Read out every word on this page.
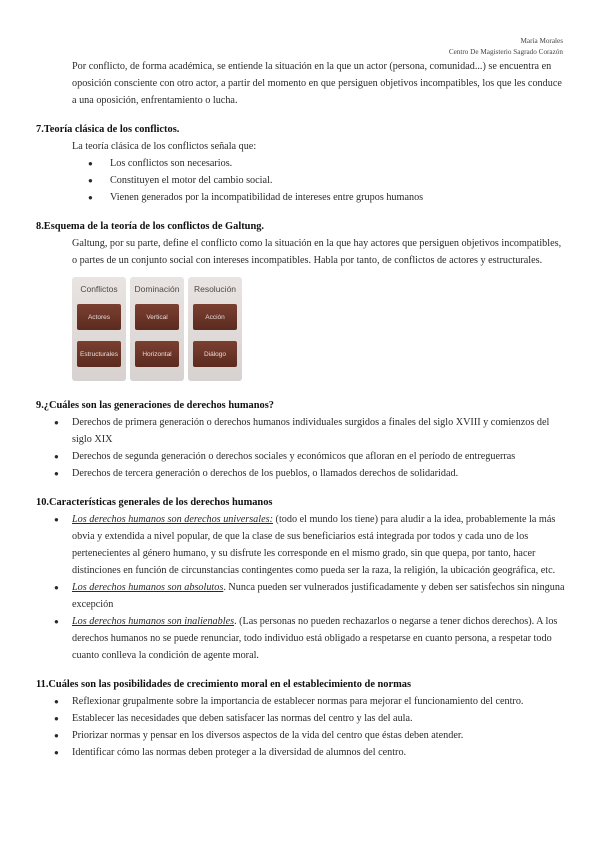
María Morales
Centro De Magisterio Sagrado Corazón

Por conflicto, de forma académica, se entiende la situación en la que un actor (persona, comunidad...) se encuentra en oposición consciente con otro actor, a partir del momento en que persiguen objetivos incompatibles, los que les conduce a una oposición, enfrentamiento o lucha.

7.Teoría clásica de los conflictos.

La teoría clásica de los conflictos señala que:

● Los conflictos son necesarios.
● Constituyen el motor del cambio social.
● Vienen generados por la incompatibilidad de intereses entre grupos humanos
8.Esquema de la teoría de los conflictos de Galtung.

Galtung, por su parte, define el conflicto como la situación en la que hay actores que persiguen objetivos incompatibles, o partes de un conjunto social con intereses incompatibles. Habla por tanto, de conflictos de actores y estructurales.

Conflictos
Actores
Estructurales
Dominación
Vertical
Horizontal
Resolución
Acción
Diálogo
9.¿Cuáles son las generaciones de derechos humanos?
● Derechos de primera generación o derechos humanos individuales surgidos a finales del siglo XVIII y comienzos del siglo XIX
● Derechos de segunda generación o derechos sociales y económicos que afloran en el período de entreguerras
● Derechos de tercera generación o derechos de los pueblos, o llamados derechos de solidaridad.
10.Características generales de los derechos humanos
● Los derechos humanos son derechos universales: (todo el mundo los tiene) para aludir a la idea, probablemente la más obvia y extendida a nivel popular, de que la clase de sus beneficiarios está integrada por todos y cada uno de los pertenecientes al género humano, y su disfrute les corresponde en el mismo grado, sin que quepa, por tanto, hacer distinciones en función de circunstancias contingentes como pueda ser la raza, la religión, la ubicación geográfica, etc.
● Los derechos humanos son absolutos. Nunca pueden ser vulnerados justificadamente y deben ser satisfechos sin ninguna excepción
● Los derechos humanos son inalienables. (Las personas no pueden rechazarlos o negarse a tener dichos derechos). A los derechos humanos no se puede renunciar, todo individuo está obligado a respetarse en cuanto persona, a respetar todo cuanto conlleva la condición de agente moral.
11.Cuáles son las posibilidades de crecimiento moral en el establecimiento de normas
● Reflexionar grupalmente sobre la importancia de establecer normas para mejorar el funcionamiento del centro.
● Establecer las necesidades que deben satisfacer las normas del centro y las del aula.
● Priorizar normas y pensar en los diversos aspectos de la vida del centro que éstas deben atender.
● Identificar cómo las normas deben proteger a la diversidad de alumnos del centro.
